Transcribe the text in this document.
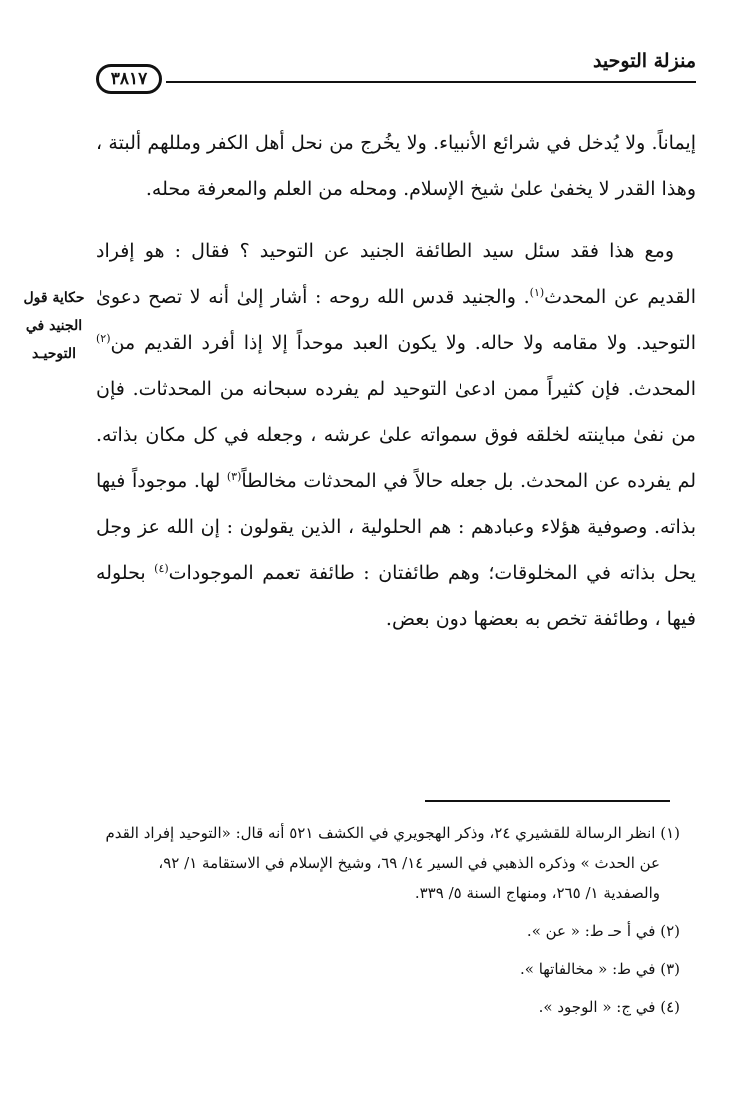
منزلة التوحيد
٣٨١٧
حكاية قول
الجنيد في
التوحيـد

إيماناً. ولا يُدخل في شرائع الأنبياء. ولا يخُرج من نحل أهل الكفر ومللهم ألبتة ، وهذا القدر لا يخفىٰ علىٰ شيخ الإسلام. ومحله من العلم والمعرفة محله.

ومع هذا فقد سئل سيد الطائفة الجنيد عن التوحيد ؟ فقال : هو إفراد القديم عن المحدث$^{(١)}$. والجنيد قدس الله روحه : أشار إلىٰ أنه لا تصح دعوىٰ التوحيد. ولا مقامه ولا حاله. ولا يكون العبد موحداً إلا إذا أفرد القديم من$^{(٢)}$ المحدث. فإن كثيراً ممن ادعىٰ التوحيد لم يفرده سبحانه من المحدثات. فإن من نفىٰ مباينته لخلقه فوق سمواته علىٰ عرشه ، وجعله في كل مكان بذاته. لم يفرده عن المحدث. بل جعله حالاً في المحدثات مخالطاً$^{(٣)}$ لها. موجوداً فيها بذاته. وصوفية هؤلاء وعبادهم : هم الحلولية ، الذين يقولون : إن الله عز وجل يحل بذاته في المخلوقات؛ وهم طائفتان : طائفة تعمم الموجودات$^{(٤)}$ بحلوله فيها ، وطائفة تخص به بعضها دون بعض.

(١) انظر الرسالة للقشيري ٢٤، وذكر الهجويري في الكشف ٥٢١ أنه قال: «التوحيد إفراد القدم
عن الحدث » وذكره الذهبي في السير ١٤/ ٦٩، وشيخ الإسلام في الاستقامة ١/ ٩٢،
والصفدية ١/ ٢٦٥، ومنهاج السنة ٥/ ٣٣٩.

(٢) في أ حـ ط: « عن ».

(٣) في ط: « مخالفاتها ».

(٤) في ج: « الوجود ».
